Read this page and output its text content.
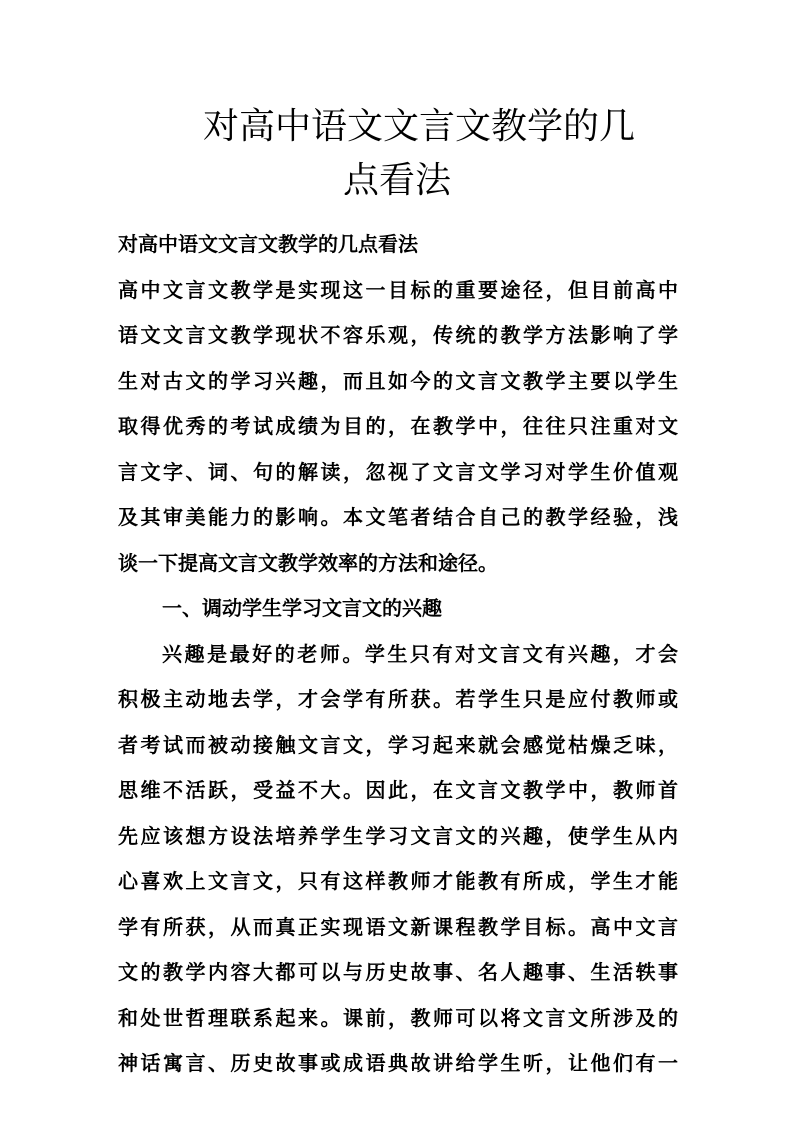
对高中语文文言文教学的几
点看法
对高中语文文言文教学的几点看法
高中文言文教学是实现这一目标的重要途径，但目前高中
语文文言文教学现状不容乐观，传统的教学方法影响了学
生对古文的学习兴趣，而且如今的文言文教学主要以学生
取得优秀的考试成绩为目的，在教学中，往往只注重对文
言文字、词、句的解读，忽视了文言文学习对学生价值观
及其审美能力的影响。本文笔者结合自己的教学经验，浅
谈一下提高文言文教学效率的方法和途径。
一、调动学生学习文言文的兴趣
兴趣是最好的老师。学生只有对文言文有兴趣，才会
积极主动地去学，才会学有所获。若学生只是应付教师或
者考试而被动接触文言文，学习起来就会感觉枯燥乏味，
思维不活跃，受益不大。因此，在文言文教学中，教师首
先应该想方设法培养学生学习文言文的兴趣，使学生从内
心喜欢上文言文，只有这样教师才能教有所成，学生才能
学有所获，从而真正实现语文新课程教学目标。高中文言
文的教学内容大都可以与历史故事、名人趣事、生活轶事
和处世哲理联系起来。课前，教师可以将文言文所涉及的
神话寓言、历史故事或成语典故讲给学生听，让他们有一
